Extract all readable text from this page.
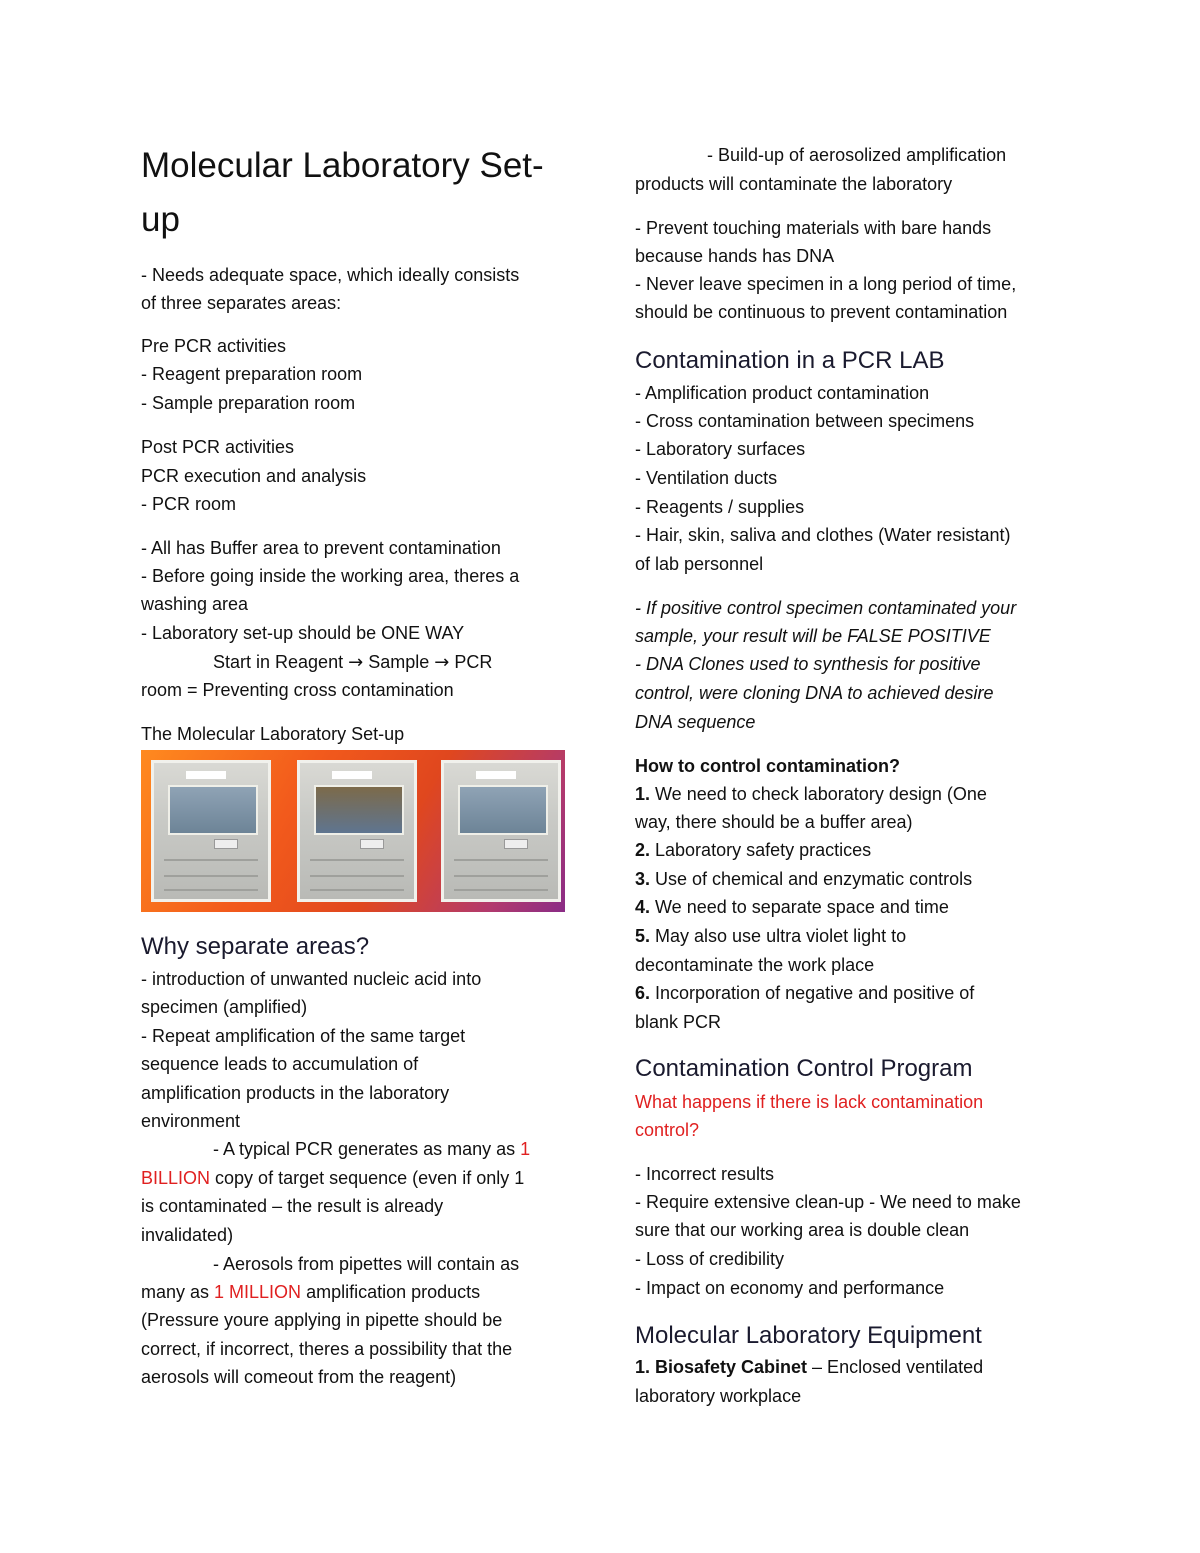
Molecular Laboratory Set-
up
- Needs adequate space, which ideally consists
of three separates areas:
Pre PCR activities
- Reagent preparation room
- Sample preparation room
Post PCR activities
PCR execution and analysis
- PCR room
- All has Buffer area to prevent contamination
- Before going inside the working area, theres a
washing area
- Laboratory set-up should be ONE WAY
Start in Reagent → Sample → PCR
room = Preventing cross contamination
The Molecular Laboratory Set-up
Why separate areas?
- introduction of unwanted nucleic acid into
specimen (amplified)
- Repeat amplification of the same target
sequence leads to accumulation of
amplification products in the laboratory
environment
- A typical PCR generates as many as 1
BILLION copy of target sequence (even if only 1
is contaminated – the result is already
invalidated)
- Aerosols from pipettes will contain as
many as 1 MILLION amplification products
(Pressure youre applying in pipette should be
correct, if incorrect, theres a possibility that the
aerosols will comeout from the reagent)
- Build-up of aerosolized amplification
products will contaminate the laboratory
- Prevent touching materials with bare hands
because hands has DNA
- Never leave specimen in a long period of time,
should be continuous to prevent contamination
Contamination in a PCR LAB
- Amplification product contamination
- Cross contamination between specimens
- Laboratory surfaces
- Ventilation ducts
- Reagents / supplies
- Hair, skin, saliva and clothes (Water resistant)
of lab personnel
- If positive control specimen contaminated your
sample, your result will be FALSE POSITIVE
- DNA Clones used to synthesis for positive
control, were cloning DNA to achieved desire
DNA sequence
How to control contamination?
1. We need to check laboratory design (One
way, there should be a buffer area)
2. Laboratory safety practices
3. Use of chemical and enzymatic controls
4. We need to separate space and time
5. May also use ultra violet light to
decontaminate the work place
6. Incorporation of negative and positive of
blank PCR
Contamination Control Program
What happens if there is lack contamination
control?
- Incorrect results
- Require extensive clean-up - We need to make
sure that our working area is double clean
- Loss of credibility
- Impact on economy and performance
Molecular Laboratory Equipment
1. Biosafety Cabinet – Enclosed ventilated
laboratory workplace
